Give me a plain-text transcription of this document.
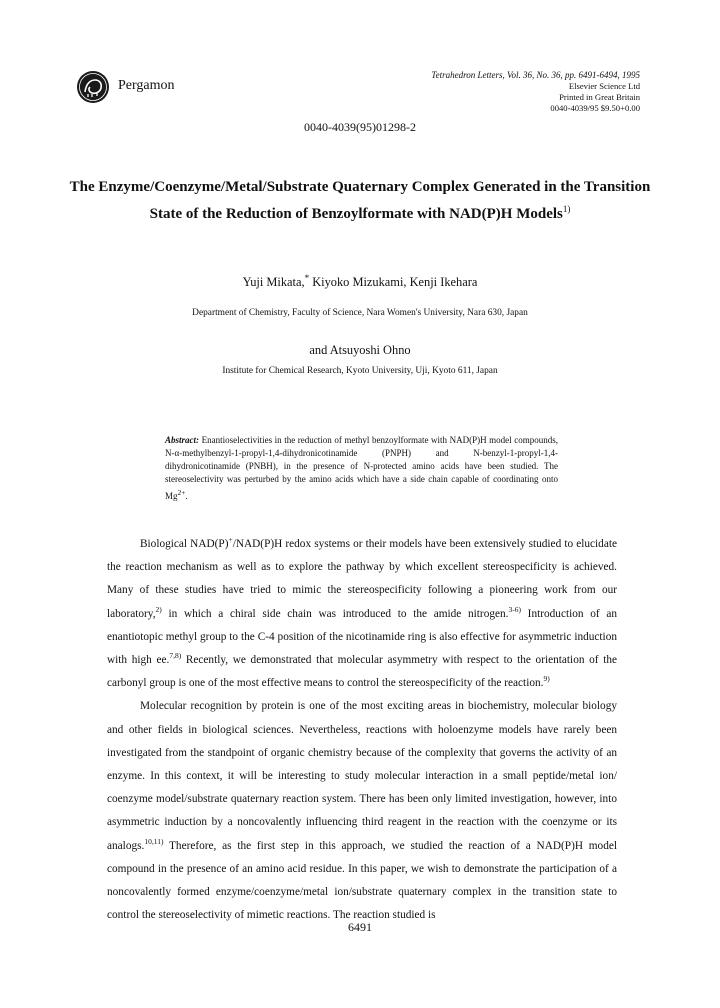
Pergamon
Tetrahedron Letters, Vol. 36, No. 36, pp. 6491-6494, 1995
Elsevier Science Ltd
Printed in Great Britain
0040-4039/95 $9.50+0.00
0040-4039(95)01298-2
The Enzyme/Coenzyme/Metal/Substrate Quaternary Complex Generated in the Transition State of the Reduction of Benzoylformate with NAD(P)H Models$^{1)}$
Yuji Mikata,* Kiyoko Mizukami, Kenji Ikehara
Department of Chemistry, Faculty of Science, Nara Women's University, Nara 630, Japan
and Atsuyoshi Ohno
Institute for Chemical Research, Kyoto University, Uji, Kyoto 611, Japan
Abstract: Enantioselectivities in the reduction of methyl benzoylformate with NAD(P)H model compounds, N-α-methylbenzyl-1-propyl-1,4-dihydronicotinamide (PNPH) and N-benzyl-1-propyl-1,4-dihydronicotinamide (PNBH), in the presence of N-protected amino acids have been studied. The stereoselectivity was perturbed by the amino acids which have a side chain capable of coordinating onto $Mg^{2+}$.

Biological NAD(P)+/NAD(P)H redox systems or their models have been extensively studied to elucidate the reaction mechanism as well as to explore the pathway by which excellent stereospecificity is achieved. Many of these studies have tried to mimic the stereospecificity following a pioneering work from our laboratory,$^{2)}$ in which a chiral side chain was introduced to the amide nitrogen.$^{3-6)}$ Introduction of an enantiotopic methyl group to the C-4 position of the nicotinamide ring is also effective for asymmetric induction with high ee.$^{7,8)}$ Recently, we demonstrated that molecular asymmetry with respect to the orientation of the carbonyl group is one of the most effective means to control the stereospecificity of the reaction.$^{9)}$

Molecular recognition by protein is one of the most exciting areas in biochemistry, molecular biology and other fields in biological sciences. Nevertheless, reactions with holoenzyme models have rarely been investigated from the standpoint of organic chemistry because of the complexity that governs the activity of an enzyme. In this context, it will be interesting to study molecular interaction in a small peptide/metal ion/ coenzyme model/substrate quaternary reaction system. There has been only limited investigation, however, into asymmetric induction by a noncovalently influencing third reagent in the reaction with the coenzyme or its analogs.$^{10,11)}$ Therefore, as the first step in this approach, we studied the reaction of a NAD(P)H model compound in the presence of an amino acid residue. In this paper, we wish to demonstrate the participation of a noncovalently formed enzyme/coenzyme/metal ion/substrate quaternary complex in the transition state to control the stereoselectivity of mimetic reactions. The reaction studied is

6491
